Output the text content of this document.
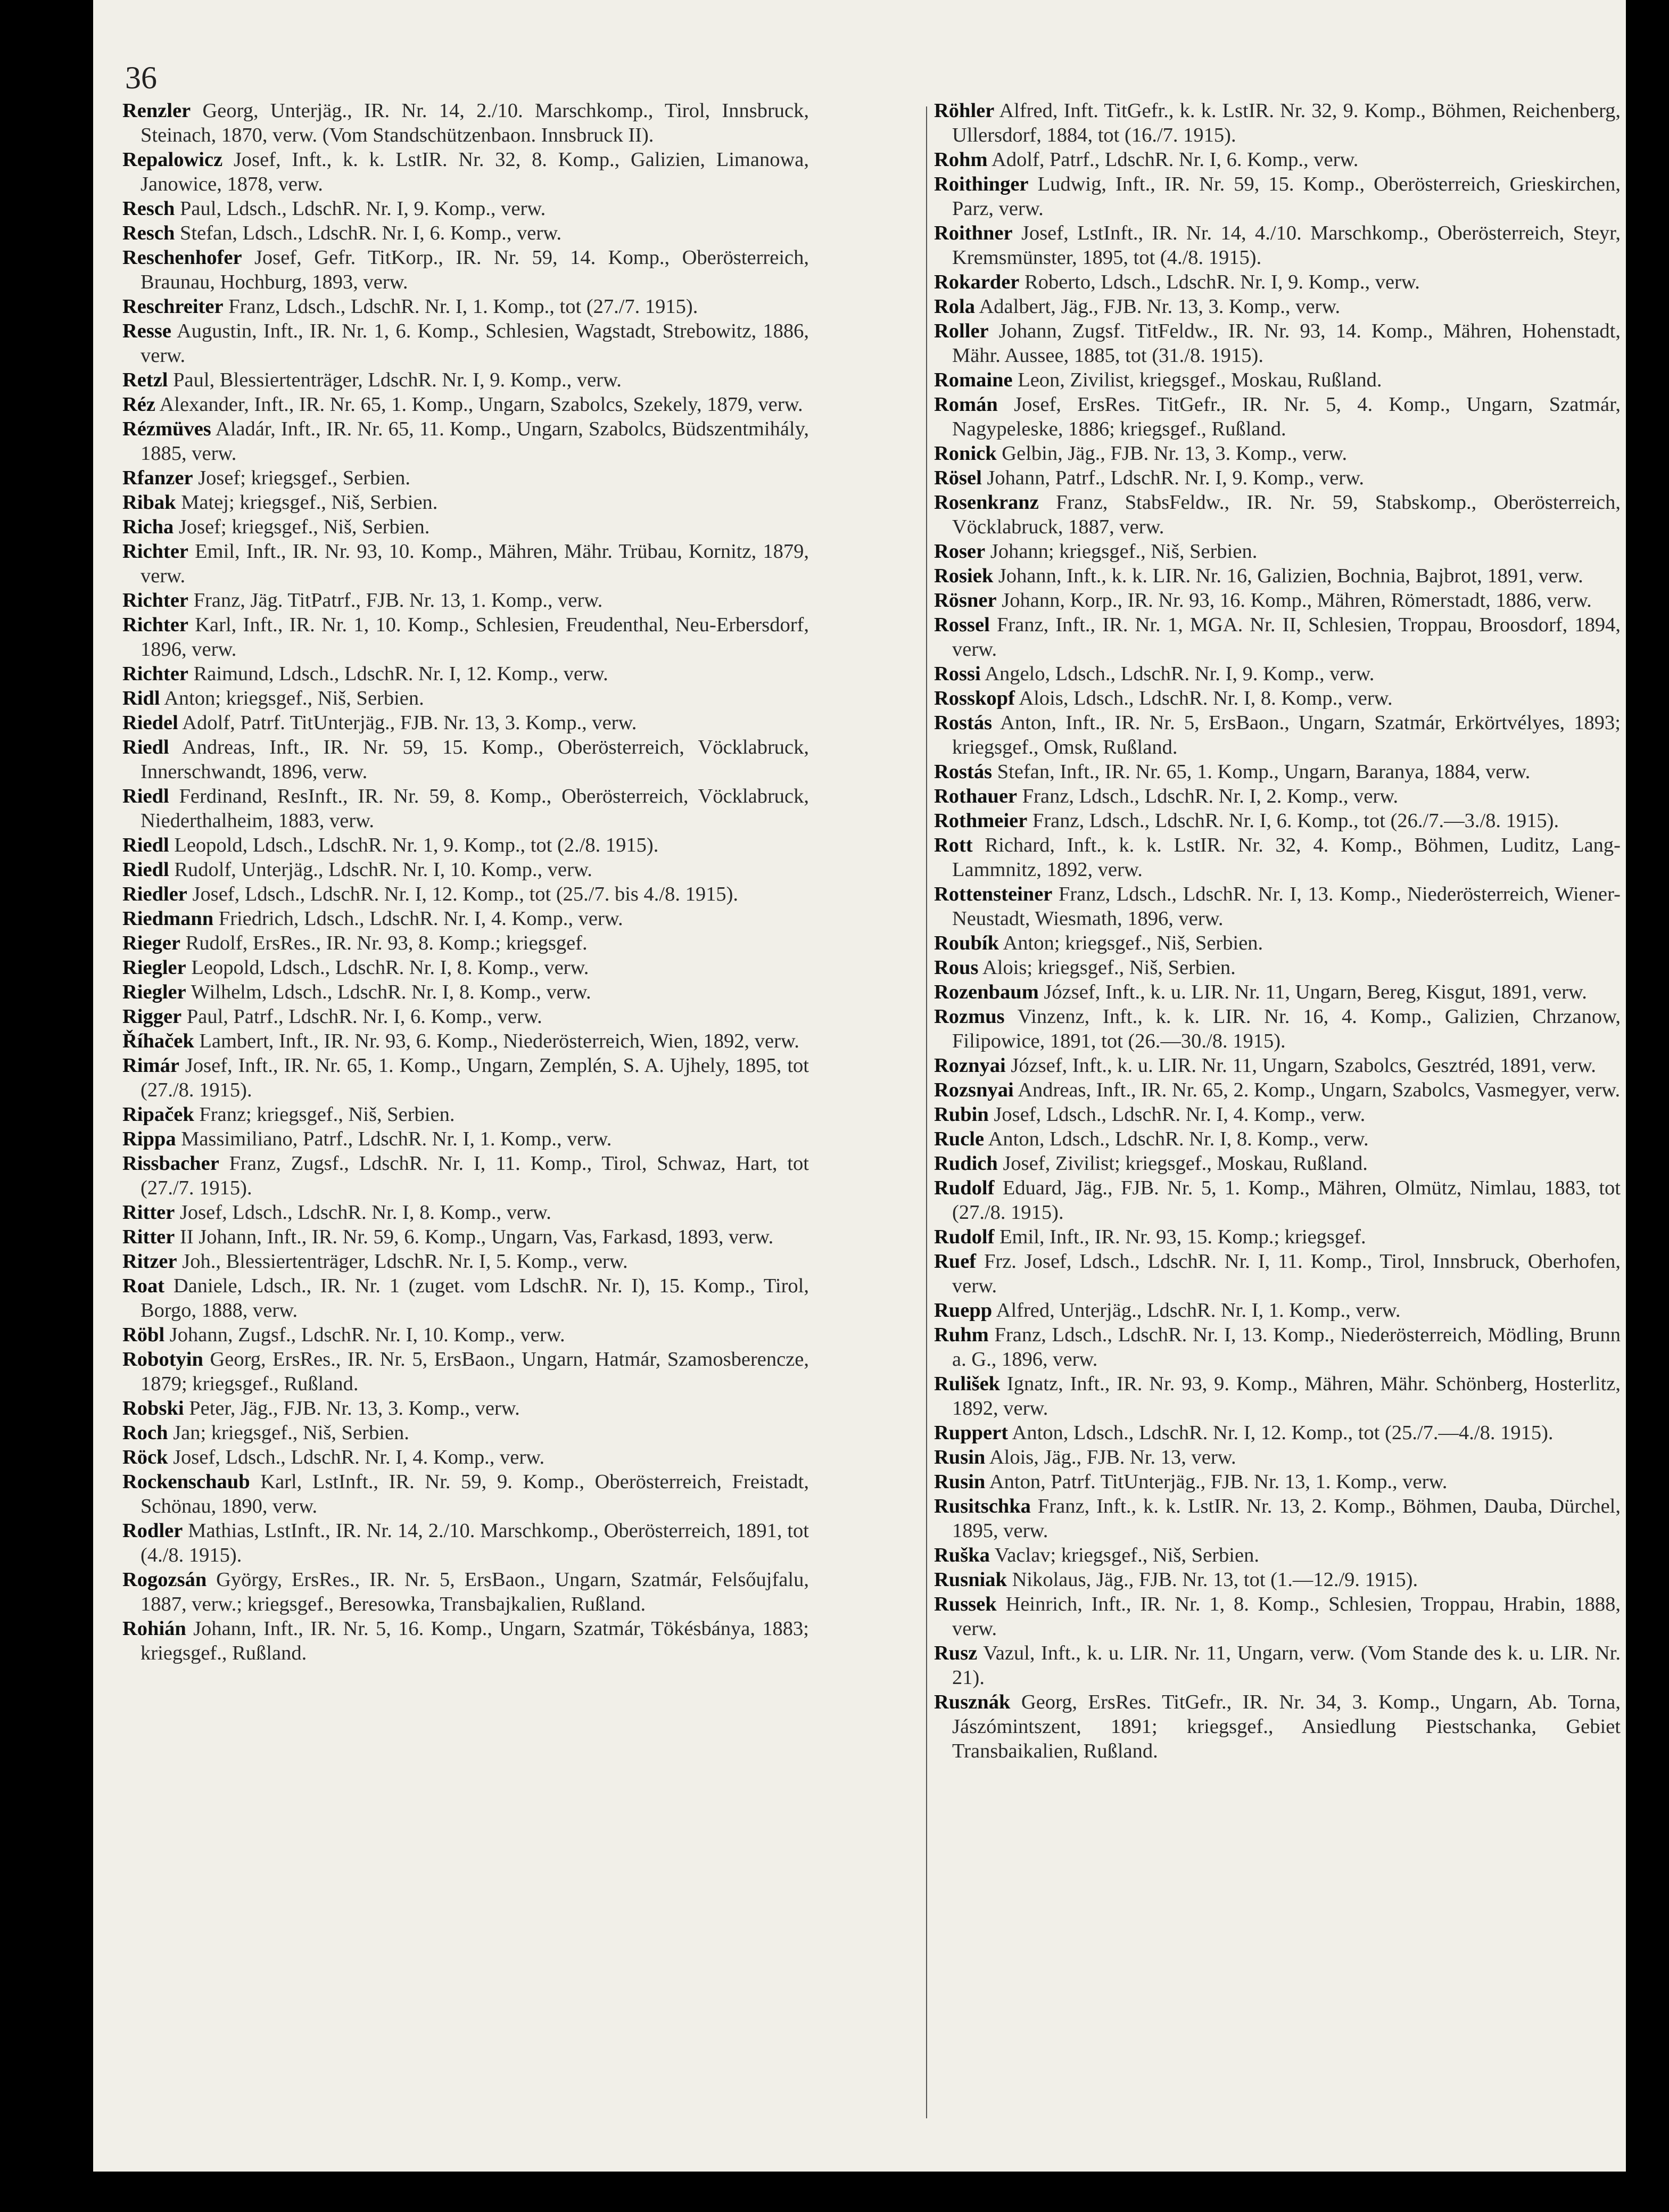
36

Renzler Georg, Unterjäg., IR. Nr. 14, 2./10. Marschkomp., Tirol, Innsbruck, Steinach, 1870, verw. (Vom Standschützenbaon. Innsbruck II).

Repalowicz Josef, Inft., k. k. LstIR. Nr. 32, 8. Komp., Galizien, Limanowa, Janowice, 1878, verw.

Resch Paul, Ldsch., LdschR. Nr. I, 9. Komp., verw.

Resch Stefan, Ldsch., LdschR. Nr. I, 6. Komp., verw.

Reschenhofer Josef, Gefr. TitKorp., IR. Nr. 59, 14. Komp., Oberösterreich, Braunau, Hochburg, 1893, verw.

Reschreiter Franz, Ldsch., LdschR. Nr. I, 1. Komp., tot (27./7. 1915).

Resse Augustin, Inft., IR. Nr. 1, 6. Komp., Schlesien, Wagstadt, Strebowitz, 1886, verw.

Retzl Paul, Blessiertenträger, LdschR. Nr. I, 9. Komp., verw.

Réz Alexander, Inft., IR. Nr. 65, 1. Komp., Ungarn, Szabolcs, Szekely, 1879, verw.

Rézmüves Aladár, Inft., IR. Nr. 65, 11. Komp., Ungarn, Szabolcs, Büdszentmihály, 1885, verw.

Rfanzer Josef; kriegsgef., Serbien.

Ribak Matej; kriegsgef., Niš, Serbien.

Richa Josef; kriegsgef., Niš, Serbien.

Richter Emil, Inft., IR. Nr. 93, 10. Komp., Mähren, Mähr. Trübau, Kornitz, 1879, verw.

Richter Franz, Jäg. TitPatrf., FJB. Nr. 13, 1. Komp., verw.

Richter Karl, Inft., IR. Nr. 1, 10. Komp., Schlesien, Freudenthal, Neu-Erbersdorf, 1896, verw.

Richter Raimund, Ldsch., LdschR. Nr. I, 12. Komp., verw.

Ridl Anton; kriegsgef., Niš, Serbien.

Riedel Adolf, Patrf. TitUnterjäg., FJB. Nr. 13, 3. Komp., verw.

Riedl Andreas, Inft., IR. Nr. 59, 15. Komp., Oberösterreich, Vöcklabruck, Innerschwandt, 1896, verw.

Riedl Ferdinand, ResInft., IR. Nr. 59, 8. Komp., Oberösterreich, Vöcklabruck, Niederthalheim, 1883, verw.

Riedl Leopold, Ldsch., LdschR. Nr. 1, 9. Komp., tot (2./8. 1915).

Riedl Rudolf, Unterjäg., LdschR. Nr. I, 10. Komp., verw.

Riedler Josef, Ldsch., LdschR. Nr. I, 12. Komp., tot (25./7. bis 4./8. 1915).

Riedmann Friedrich, Ldsch., LdschR. Nr. I, 4. Komp., verw.

Rieger Rudolf, ErsRes., IR. Nr. 93, 8. Komp.; kriegsgef.

Riegler Leopold, Ldsch., LdschR. Nr. I, 8. Komp., verw.

Riegler Wilhelm, Ldsch., LdschR. Nr. I, 8. Komp., verw.

Rigger Paul, Patrf., LdschR. Nr. I, 6. Komp., verw.

Říhaček Lambert, Inft., IR. Nr. 93, 6. Komp., Niederösterreich, Wien, 1892, verw.

Rimár Josef, Inft., IR. Nr. 65, 1. Komp., Ungarn, Zemplén, S. A. Ujhely, 1895, tot (27./8. 1915).

Ripaček Franz; kriegsgef., Niš, Serbien.

Rippa Massimiliano, Patrf., LdschR. Nr. I, 1. Komp., verw.

Rissbacher Franz, Zugsf., LdschR. Nr. I, 11. Komp., Tirol, Schwaz, Hart, tot (27./7. 1915).

Ritter Josef, Ldsch., LdschR. Nr. I, 8. Komp., verw.

Ritter II Johann, Inft., IR. Nr. 59, 6. Komp., Ungarn, Vas, Farkasd, 1893, verw.

Ritzer Joh., Blessiertenträger, LdschR. Nr. I, 5. Komp., verw.

Roat Daniele, Ldsch., IR. Nr. 1 (zuget. vom LdschR. Nr. I), 15. Komp., Tirol, Borgo, 1888, verw.

Röbl Johann, Zugsf., LdschR. Nr. I, 10. Komp., verw.

Robotyin Georg, ErsRes., IR. Nr. 5, ErsBaon., Ungarn, Hatmár, Szamosberencze, 1879; kriegsgef., Rußland.

Robski Peter, Jäg., FJB. Nr. 13, 3. Komp., verw.

Roch Jan; kriegsgef., Niš, Serbien.

Röck Josef, Ldsch., LdschR. Nr. I, 4. Komp., verw.

Rockenschaub Karl, LstInft., IR. Nr. 59, 9. Komp., Oberösterreich, Freistadt, Schönau, 1890, verw.

Rodler Mathias, LstInft., IR. Nr. 14, 2./10. Marschkomp., Oberösterreich, 1891, tot (4./8. 1915).

Rogozsán György, ErsRes., IR. Nr. 5, ErsBaon., Ungarn, Szatmár, Felsőujfalu, 1887, verw.; kriegsgef., Beresowka, Transbajkalien, Rußland.

Rohián Johann, Inft., IR. Nr. 5, 16. Komp., Ungarn, Szatmár, Tökésbánya, 1883; kriegsgef., Rußland.

Röhler Alfred, Inft. TitGefr., k. k. LstIR. Nr. 32, 9. Komp., Böhmen, Reichenberg, Ullersdorf, 1884, tot (16./7. 1915).

Rohm Adolf, Patrf., LdschR. Nr. I, 6. Komp., verw.

Roithinger Ludwig, Inft., IR. Nr. 59, 15. Komp., Oberösterreich, Grieskirchen, Parz, verw.

Roithner Josef, LstInft., IR. Nr. 14, 4./10. Marschkomp., Oberösterreich, Steyr, Kremsmünster, 1895, tot (4./8. 1915).

Rokarder Roberto, Ldsch., LdschR. Nr. I, 9. Komp., verw.

Rola Adalbert, Jäg., FJB. Nr. 13, 3. Komp., verw.

Roller Johann, Zugsf. TitFeldw., IR. Nr. 93, 14. Komp., Mähren, Hohenstadt, Mähr. Aussee, 1885, tot (31./8. 1915).

Romaine Leon, Zivilist, kriegsgef., Moskau, Rußland.

Román Josef, ErsRes. TitGefr., IR. Nr. 5, 4. Komp., Ungarn, Szatmár, Nagypeleske, 1886; kriegsgef., Rußland.

Ronick Gelbin, Jäg., FJB. Nr. 13, 3. Komp., verw.

Rösel Johann, Patrf., LdschR. Nr. I, 9. Komp., verw.

Rosenkranz Franz, StabsFeldw., IR. Nr. 59, Stabskomp., Oberösterreich, Vöcklabruck, 1887, verw.

Roser Johann; kriegsgef., Niš, Serbien.

Rosiek Johann, Inft., k. k. LIR. Nr. 16, Galizien, Bochnia, Bajbrot, 1891, verw.

Rösner Johann, Korp., IR. Nr. 93, 16. Komp., Mähren, Römerstadt, 1886, verw.

Rossel Franz, Inft., IR. Nr. 1, MGA. Nr. II, Schlesien, Troppau, Broosdorf, 1894, verw.

Rossi Angelo, Ldsch., LdschR. Nr. I, 9. Komp., verw.

Rosskopf Alois, Ldsch., LdschR. Nr. I, 8. Komp., verw.

Rostás Anton, Inft., IR. Nr. 5, ErsBaon., Ungarn, Szatmár, Erkörtvélyes, 1893; kriegsgef., Omsk, Rußland.

Rostás Stefan, Inft., IR. Nr. 65, 1. Komp., Ungarn, Baranya, 1884, verw.

Rothauer Franz, Ldsch., LdschR. Nr. I, 2. Komp., verw.

Rothmeier Franz, Ldsch., LdschR. Nr. I, 6. Komp., tot (26./7.—3./8. 1915).

Rott Richard, Inft., k. k. LstIR. Nr. 32, 4. Komp., Böhmen, Luditz, Lang-Lammnitz, 1892, verw.

Rottensteiner Franz, Ldsch., LdschR. Nr. I, 13. Komp., Niederösterreich, Wiener-Neustadt, Wiesmath, 1896, verw.

Roubík Anton; kriegsgef., Niš, Serbien.

Rous Alois; kriegsgef., Niš, Serbien.

Rozenbaum József, Inft., k. u. LIR. Nr. 11, Ungarn, Bereg, Kisgut, 1891, verw.

Rozmus Vinzenz, Inft., k. k. LIR. Nr. 16, 4. Komp., Galizien, Chrzanow, Filipowice, 1891, tot (26.—30./8. 1915).

Roznyai József, Inft., k. u. LIR. Nr. 11, Ungarn, Szabolcs, Gesztréd, 1891, verw.

Rozsnyai Andreas, Inft., IR. Nr. 65, 2. Komp., Ungarn, Szabolcs, Vasmegyer, verw.

Rubin Josef, Ldsch., LdschR. Nr. I, 4. Komp., verw.

Rucle Anton, Ldsch., LdschR. Nr. I, 8. Komp., verw.

Rudich Josef, Zivilist; kriegsgef., Moskau, Rußland.

Rudolf Eduard, Jäg., FJB. Nr. 5, 1. Komp., Mähren, Olmütz, Nimlau, 1883, tot (27./8. 1915).

Rudolf Emil, Inft., IR. Nr. 93, 15. Komp.; kriegsgef.

Ruef Frz. Josef, Ldsch., LdschR. Nr. I, 11. Komp., Tirol, Innsbruck, Oberhofen, verw.

Ruepp Alfred, Unterjäg., LdschR. Nr. I, 1. Komp., verw.

Ruhm Franz, Ldsch., LdschR. Nr. I, 13. Komp., Niederösterreich, Mödling, Brunn a. G., 1896, verw.

Rulišek Ignatz, Inft., IR. Nr. 93, 9. Komp., Mähren, Mähr. Schönberg, Hosterlitz, 1892, verw.

Ruppert Anton, Ldsch., LdschR. Nr. I, 12. Komp., tot (25./7.—4./8. 1915).

Rusin Alois, Jäg., FJB. Nr. 13, verw.

Rusin Anton, Patrf. TitUnterjäg., FJB. Nr. 13, 1. Komp., verw.

Rusitschka Franz, Inft., k. k. LstIR. Nr. 13, 2. Komp., Böhmen, Dauba, Dürchel, 1895, verw.

Ruška Vaclav; kriegsgef., Niš, Serbien.

Rusniak Nikolaus, Jäg., FJB. Nr. 13, tot (1.—12./9. 1915).

Russek Heinrich, Inft., IR. Nr. 1, 8. Komp., Schlesien, Troppau, Hrabin, 1888, verw.

Rusz Vazul, Inft., k. u. LIR. Nr. 11, Ungarn, verw. (Vom Stande des k. u. LIR. Nr. 21).

Rusznák Georg, ErsRes. TitGefr., IR. Nr. 34, 3. Komp., Ungarn, Ab. Torna, Jászómintszent, 1891; kriegsgef., Ansiedlung Piestschanka, Gebiet Transbaikalien, Rußland.
